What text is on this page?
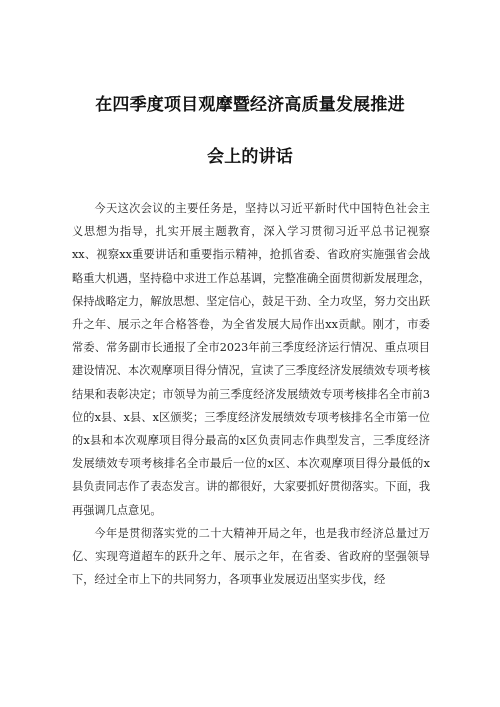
在四季度项目观摩暨经济高质量发展推进
会上的讲话

今天这次会议的主要任务是，坚持以习近平新时代中国特色社会主义思想为指导，扎实开展主题教育，深入学习贯彻习近平总书记视察xx、视察xx重要讲话和重要指示精神，抢抓省委、省政府实施强省会战略重大机遇，坚持稳中求进工作总基调，完整准确全面贯彻新发展理念，保持战略定力，解放思想、坚定信心，鼓足干劲、全力攻坚，努力交出跃升之年、展示之年合格答卷，为全省发展大局作出xx贡献。刚才，市委常委、常务副市长通报了全市2023年前三季度经济运行情况、重点项目建设情况、本次观摩项目得分情况，宣读了三季度经济发展绩效专项考核结果和表彰决定；市领导为前三季度经济发展绩效专项考核排名全市前3位的x县、x县、x区颁奖；三季度经济发展绩效专项考核排名全市第一位的x县和本次观摩项目得分最高的x区负责同志作典型发言，三季度经济发展绩效专项考核排名全市最后一位的x区、本次观摩项目得分最低的x县负责同志作了表态发言。讲的都很好，大家要抓好贯彻落实。下面，我再强调几点意见。

今年是贯彻落实党的二十大精神开局之年，也是我市经济总量过万亿、实现弯道超车的跃升之年、展示之年，在省委、省政府的坚强领导下，经过全市上下的共同努力，各项事业发展迈出坚实步伐，经
